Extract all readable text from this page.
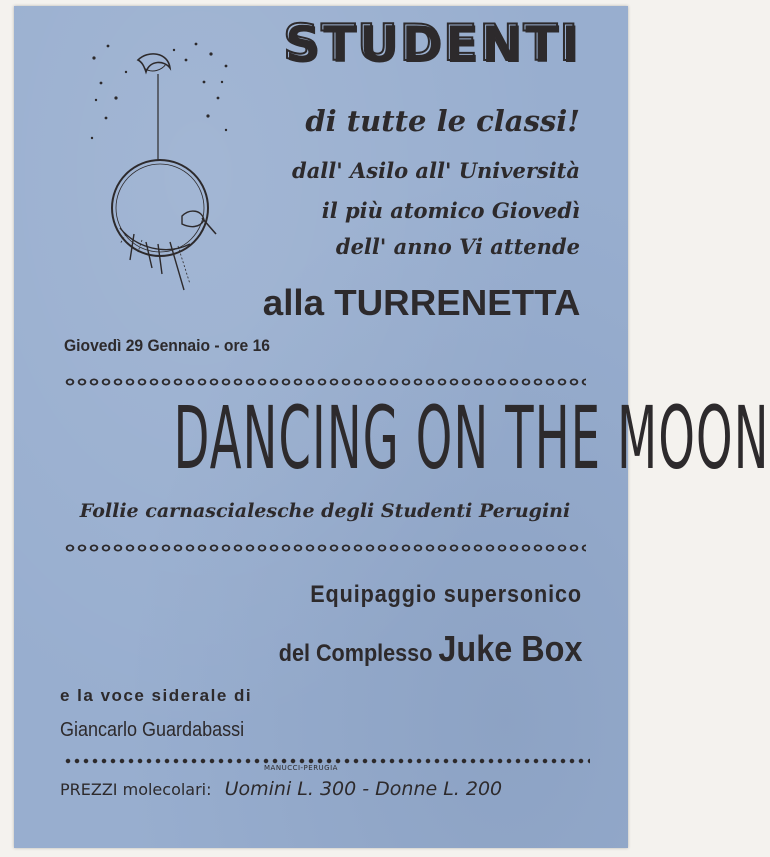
STUDENTI
di tutte le classi!
dall' Asilo all' Università
il più atomico Giovedì
dell' anno Vi attende
alla TURRENETTA
Giovedì 29 Gennaio - ore 16
DANCING ON THE MOON
Follie carnascialesche degli Studenti Perugini
Equipaggio supersonico
del Complesso Juke Box
e la voce siderale di
Giancarlo Guardabassi
MANUCCI-PERUGIA
PREZZI molecolari: Uomini L. 300 - Donne L. 200
